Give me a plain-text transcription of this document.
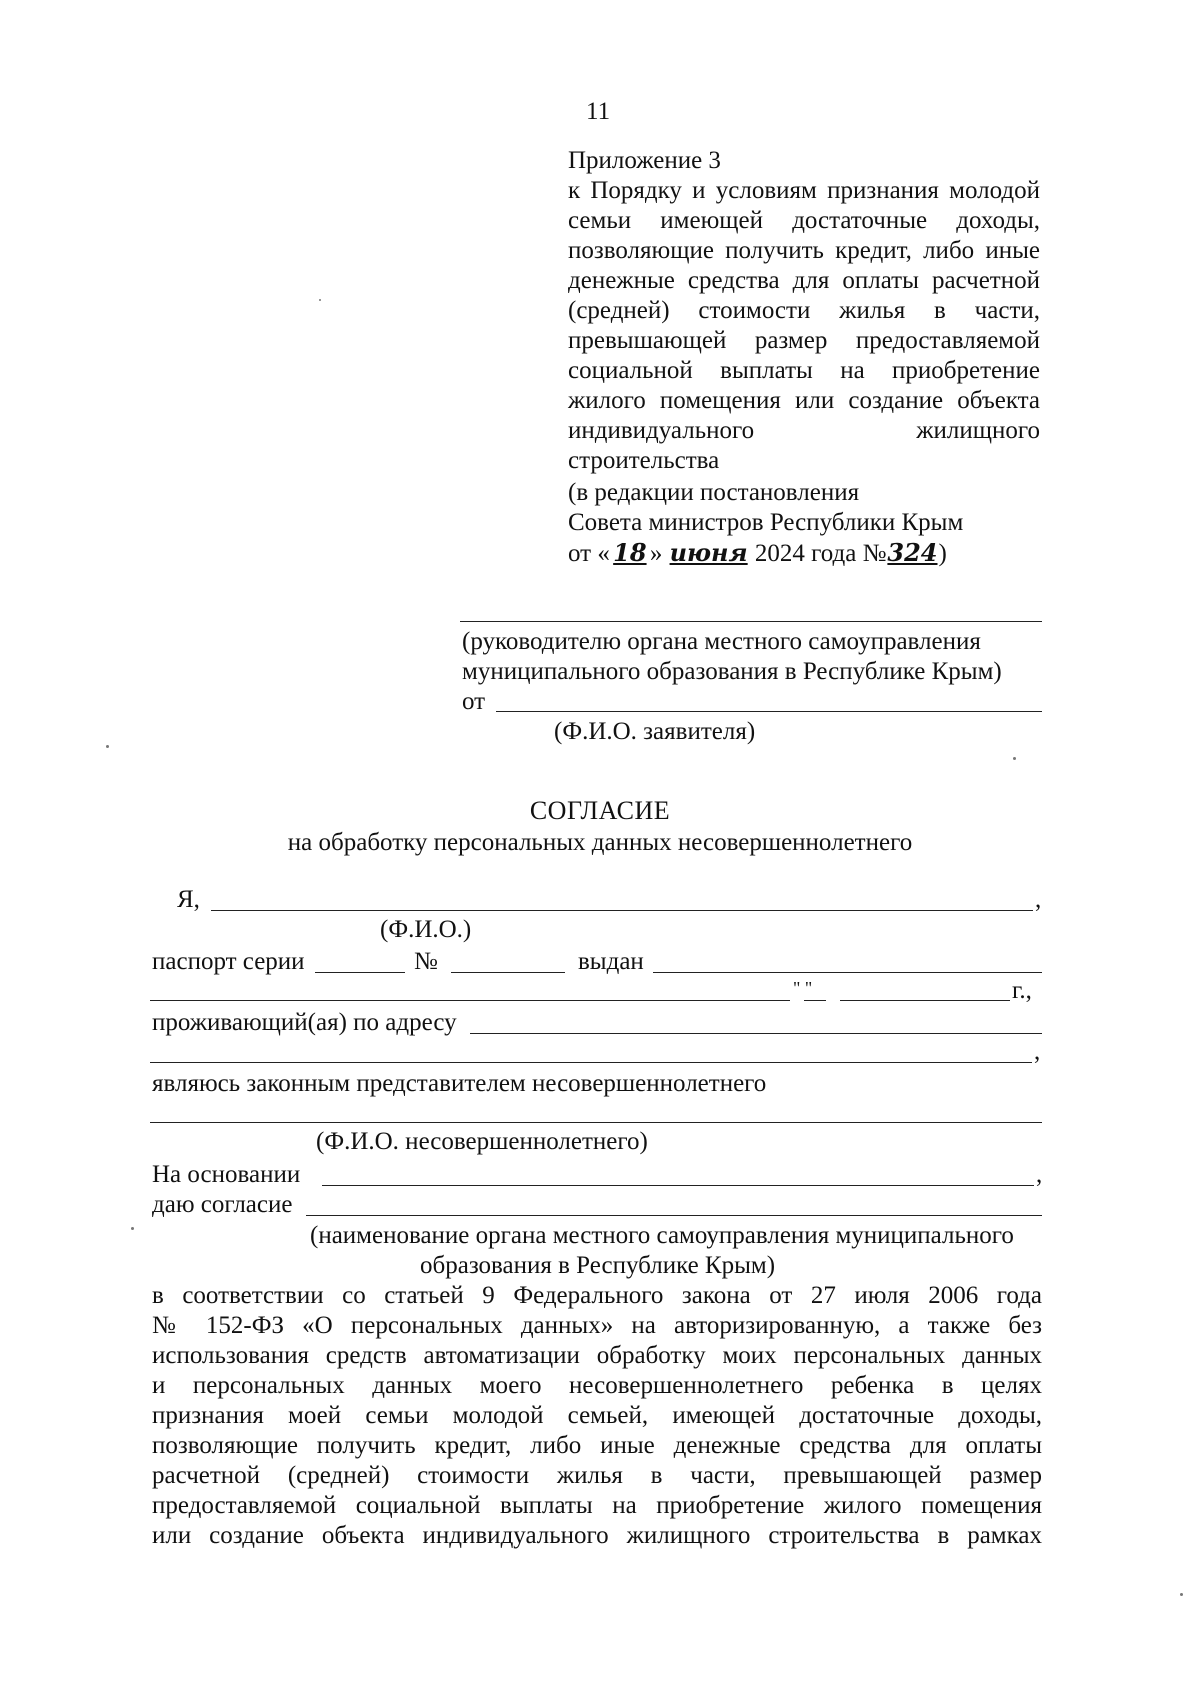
11
Приложение 3
к Порядку и условиям признания молодой
семьи имеющей достаточные доходы,
позволяющие получить кредит, либо иные
денежные средства для оплаты расчетной
(средней) стоимости жилья в части,
превышающей размер предоставляемой
социальной выплаты на приобретение
жилого помещения или создание объекта
индивидуального жилищного
строительства
(в редакции постановления
Совета министров Республики Крым
от « 18 » июня 2024 года №324)
(руководителю органа местного самоуправления
муниципального образования в Республике Крым)
от
(Ф.И.О. заявителя)
СОГЛАСИЕ
на обработку персональных данных несовершеннолетнего
Я,	,
(Ф.И.О.)
паспорт серии	№	выдан
" "	г.,
проживающий(ая) по адресу
,
являюсь законным представителем несовершеннолетнего
(Ф.И.О. несовершеннолетнего)
На основании	,
даю согласие
(наименование органа местного самоуправления муниципального
образования в Республике Крым)
в соответствии со статьей 9 Федерального закона от 27 июля 2006 года
№ 152-ФЗ «О персональных данных» на авторизированную, а также без
использования средств автоматизации обработку моих персональных данных
и персональных данных моего несовершеннолетнего ребенка в целях
признания моей семьи молодой семьей, имеющей достаточные доходы,
позволяющие получить кредит, либо иные денежные средства для оплаты
расчетной (средней) стоимости жилья в части, превышающей размер
предоставляемой социальной выплаты на приобретение жилого помещения
или создание объекта индивидуального жилищного строительства в рамках
